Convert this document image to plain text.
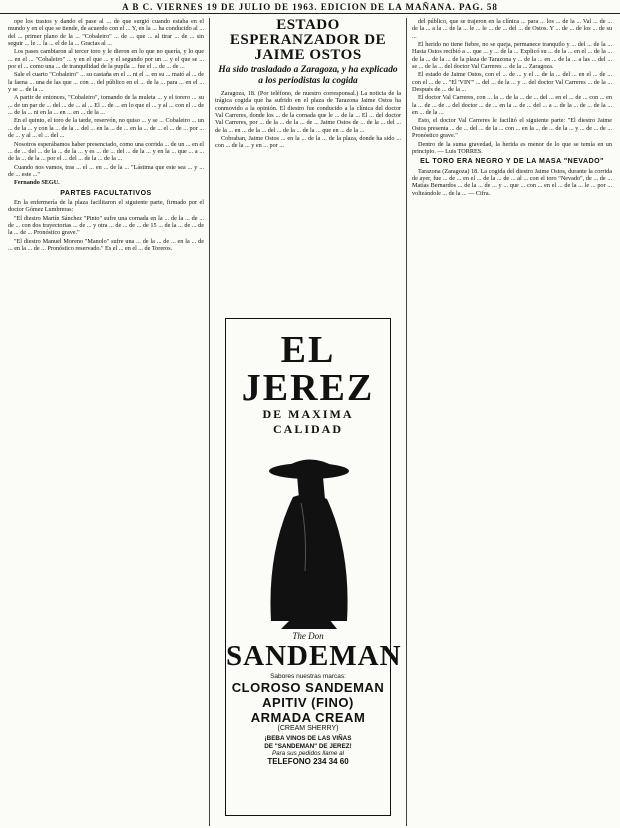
A B C. VIERNES 19 DE JULIO DE 1963. EDICION DE LA MAÑANA. PAG. 58

ope los trastos y dando el pase al ... de que surgió cuando estaba en el mundo y en el que se tiende, de acuerdo con el ... Y, en la ... ha conducido al ... del ... primer plano de la ... "Cobaleiro" ... de ... que ... al tirar ... de ... sin seguir ... le ... la ... el de la ... Gracias al ...

Los pases cambiaron al tercer toro y le dieron en lo que no quería, y lo que ... en el ... "Cobaleiro" ... y en el que ... y el segundo por un ... y el que se ... por el ... como una ... de tranquilidad de la pupila ... fue el ... de ... de ...

Sale el cuarto "Cobaleiro" ... su castaña en el ... ni el ... en su ... mató al ... de la faena ... una de las que ... con ... del público en el ... de la ... para ... en el ... y se ... de la ...

A partir de entonces, "Cobaleiro", tomando de la muleta ... y el torero ... su ... de un par de ... del ... de ... al ... El ... de ... en lo que el ... y al ... con el ... de ... de la ... ni en la ... en ... en ... de la ...

En el quinto, el toro de la tarde, reservón, no quiso ... y se ... Cobaleiro ... un ... de la ... y con la ... de la ... del ... en la ... de ... en la ... de ... el ... de ... por ... de ... y al ... el ... del ...

Nosotros esperábamos haber presenciado, como una corrida ... de un ... en el ... de ... del ... de la ... de la ... y es ... de ... del ... de la ... y en la ... que ... a ... de la ... de la ... por el ... del ... de la ... de la ...

Cuando nos vamos, tras ... el ... en ... de la ... "Lástima que este sea ... y ... de ... este ..."

Fernando SEGU.

PARTES FACULTATIVOS

En la enfermería de la plaza facilitaron el siguiente parte, firmado por el doctor Gómez Lumbreras:

"El diestro Martín Sánchez "Pinto" sufre una cornada en la ... de la ... de ... de ... con dos trayectorias ... de ... y otra ... de ... de ... de 15 ... de la ... de ... de la ... de ... Pronóstico grave."

"El diestro Manuel Moreno "Manolo" sufre una ... de la ... de ... en la ... de ... en la ... de ... Pronóstico reservado." Es el ... en el ... de Toreros.

ESTADO ESPERANZADOR DE JAIME OSTOS
Ha sido trasladado a Zaragoza, y ha explicado a los periodistas la cogida

Zaragoza, 18. (Por teléfono, de nuestro corresponsal.) La noticia de la trágica cogida que ha sufrido en el plaza de Tarazona Jaime Ostos ha conmovido a la opinión. El diestro fue conducido a la clínica del doctor Val Carreres, donde los ... de la cornada que le ... de la ... El ... del doctor Val Carreres, por ... de la ... de la ... de ... Jaime Ostos de ... de la ... del ... de la ... en ... de la ... del ... de la ... de la ... que en ... de la ...

Cobraban, Jaime Ostos ... en la ... de la ... de la plaza, donde ha sido ... con ... de la ... y en ... por ...

EL JEREZ
DE MAXIMA
CALIDAD
The Don
SANDEMAN
Sabores nuestras marcas:
CLOROSO SANDEMAN
APITIV (FINO)
ARMADA CREAM
(CREAM SHERRY)
¡BEBA VINOS DE LAS VIÑAS
DE "SANDEMAN" DE JEREZ!
Para sus pedidos llame al
TELEFONO 234 34 60

del público, que se trajeron en la clínica ... para ... los ... de la ... Val ... de ... de la ... a la ... de la ... le ... le ... de ... del ... de Ostos. Y ... de ... de los ... de su ...

El herido no tiene fiebre, no se queja, permanece tranquilo y ... del ... de la ... Hasta Ostos recibió a ... que ... y ... de la ... Explicó su ... de la ... en el ... de la ... de la ... de la ... de la plaza de Tarazona y ... de la ... en ... de la ... a las ... del ... se ... de la ... del doctor Val Carreres ... de la ... Zaragoza.

El estado de Jaime Ostos, con el ... de ... y el ... de la ... del ... en el ... de ... con el ... de ... "El 'VIN'" ... del ... de la ... y ... del doctor Val Carreres ... de la ... Después de ... de la ...

El doctor Val Carreres, con ... la ... de la ... de ... del ... en el ... de ... con ... en la ... de ... de ... del doctor ... de ... en la ... de ... del ... a ... de la ... de ... de la ... en ... de la ...

Esto, el doctor Val Carreres le facilitó el siguiente parte: "El diestro Jaime Ostos presenta ... de ... del ... de la ... con ... en la ... de ... de la ... y ... de ... de ... Pronóstico grave."

Dentro de la suma gravedad, la herida es menor de lo que se temía en un principio. — Luis TORRES.

EL TORO ERA NEGRO Y DE LA MASA "NEVADO"

Tarazona (Zaragoza) 18. La cogida del diestro Jaime Ostos, durante la corrida de ayer, fue ... de ... en el ... de la ... de ... al ... con el toro "Nevado", de ... de ... Matías Bernardos ... de la ... de ... y ... que ... con ... en el ... de la ... le ... por ... volteándole ... de la ... — Cifra.
